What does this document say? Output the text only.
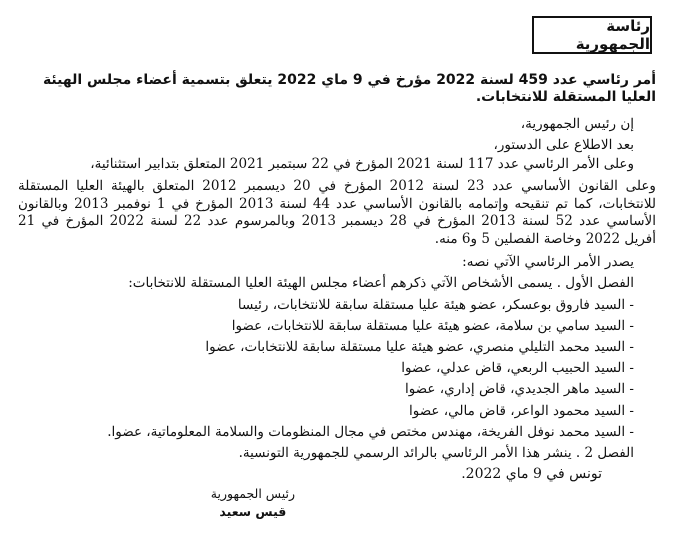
رئاسة الجمهورية
أمر رئاسي عدد 459 لسنة 2022 مؤرخ في 9 ماي 2022 يتعلق بتسمية أعضاء مجلس الهيئة العليا المستقلة للانتخابات.
إن رئيس الجمهورية،
بعد الاطلاع على الدستور،
وعلى الأمر الرئاسي عدد 117 لسنة 2021 المؤرخ في 22 سبتمبر 2021 المتعلق بتدابير استثنائية،
وعلى القانون الأساسي عدد 23 لسنة 2012 المؤرخ في 20 ديسمبر 2012 المتعلق بالهيئة العليا المستقلة للانتخابات، كما تم تنقيحه وإتمامه بالقانون الأساسي عدد 44 لسنة 2013 المؤرخ في 1 نوفمبر 2013 وبالقانون الأساسي عدد 52 لسنة 2013 المؤرخ في 28 ديسمبر 2013 وبالمرسوم عدد 22 لسنة 2022 المؤرخ في 21 أفريل 2022 وخاصة الفصلين 5 و6 منه.
يصدر الأمر الرئاسي الآتي نصه:
الفصل الأول . يسمى الأشخاص الآتي ذكرهم أعضاء مجلس الهيئة العليا المستقلة للانتخابات:
- السيد فاروق بوعسكر، عضو هيئة عليا مستقلة سابقة للانتخابات، رئيسا
- السيد سامي بن سلامة، عضو هيئة عليا مستقلة سابقة للانتخابات، عضوا
- السيد محمد التليلي منصري، عضو هيئة عليا مستقلة سابقة للانتخابات، عضوا
- السيد الحبيب الربعي، قاض عدلي، عضوا
- السيد ماهر الجديدي، قاض إداري، عضوا
- السيد محمود الواعر، قاض مالي، عضوا
- السيد محمد نوفل الفريخة، مهندس مختص في مجال المنظومات والسلامة المعلوماتية، عضوا.
الفصل 2 . ينشر هذا الأمر الرئاسي بالرائد الرسمي للجمهورية التونسية.
تونس في 9 ماي 2022.
رئيس الجمهورية
قيس سعيد
